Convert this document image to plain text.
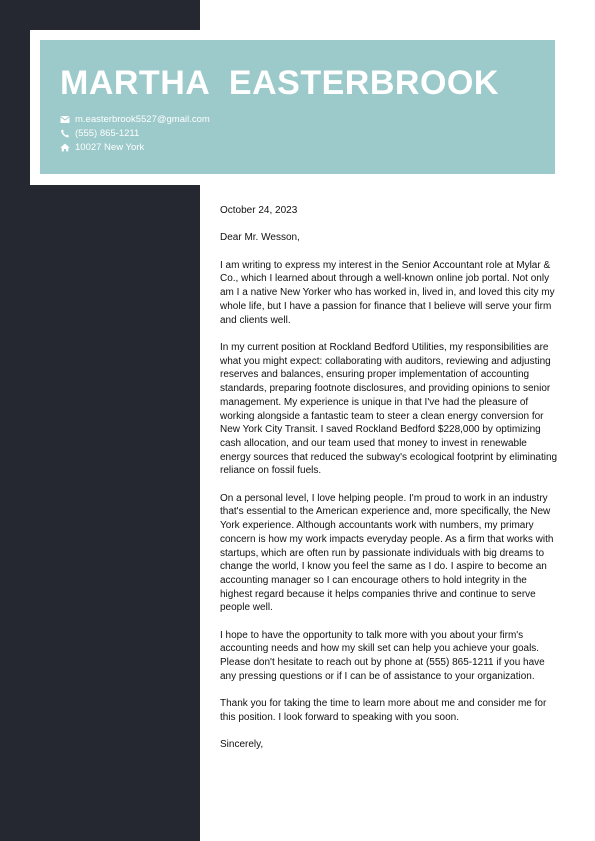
MARTHA  EASTERBROOK
m.easterbrook5527@gmail.com
(555) 865-1211
10027 New York

October 24, 2023

Dear Mr. Wesson,

I am writing to express my interest in the Senior Accountant role at Mylar & Co., which I learned about through a well-known online job portal. Not only am I a native New Yorker who has worked in, lived in, and loved this city my whole life, but I have a passion for finance that I believe will serve your firm and clients well.

In my current position at Rockland Bedford Utilities, my responsibilities are what you might expect: collaborating with auditors, reviewing and adjusting reserves and balances, ensuring proper implementation of accounting standards, preparing footnote disclosures, and providing opinions to senior management. My experience is unique in that I've had the pleasure of working alongside a fantastic team to steer a clean energy conversion for New York City Transit. I saved Rockland Bedford $228,000 by optimizing cash allocation, and our team used that money to invest in renewable energy sources that reduced the subway's ecological footprint by eliminating reliance on fossil fuels.

On a personal level, I love helping people. I'm proud to work in an industry that's essential to the American experience and, more specifically, the New York experience. Although accountants work with numbers, my primary concern is how my work impacts everyday people. As a firm that works with startups, which are often run by passionate individuals with big dreams to change the world, I know you feel the same as I do. I aspire to become an accounting manager so I can encourage others to hold integrity in the highest regard because it helps companies thrive and continue to serve people well.

I hope to have the opportunity to talk more with you about your firm's accounting needs and how my skill set can help you achieve your goals. Please don't hesitate to reach out by phone at (555) 865-1211 if you have any pressing questions or if I can be of assistance to your organization.

Thank you for taking the time to learn more about me and consider me for this position. I look forward to speaking with you soon.

Sincerely,
